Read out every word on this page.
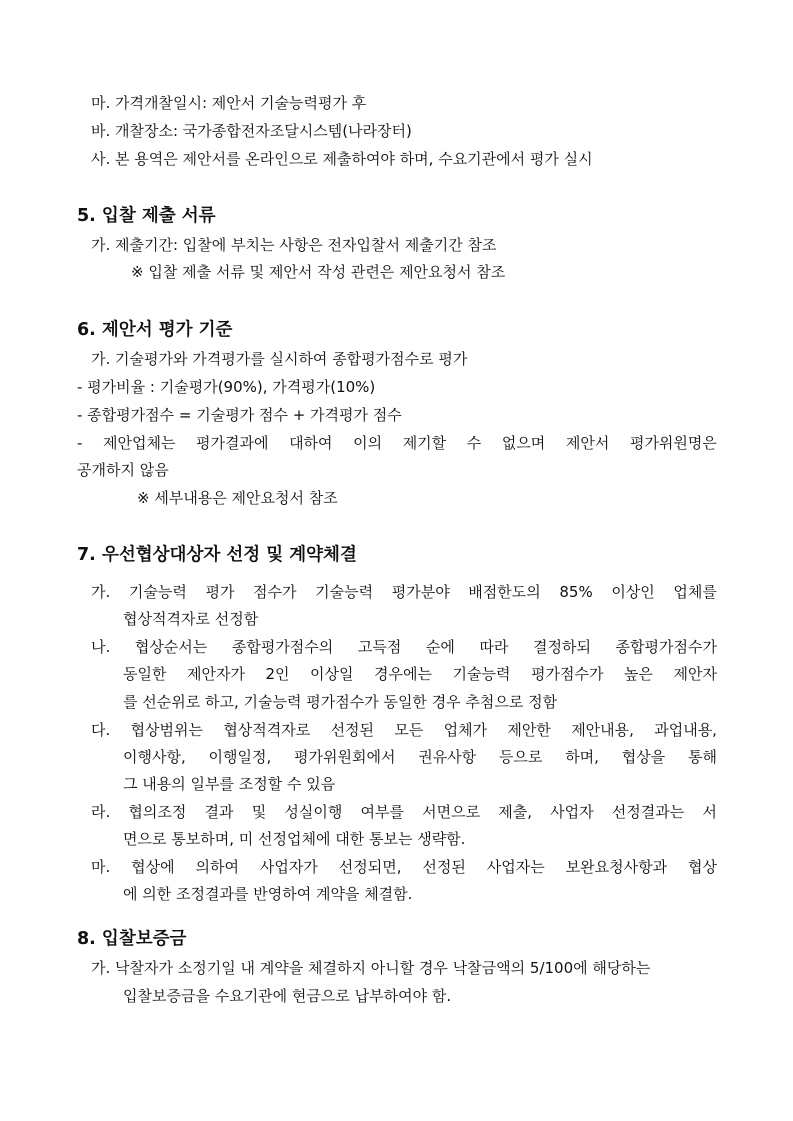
마. 가격개찰일시: 제안서 기술능력평가 후
바. 개찰장소: 국가종합전자조달시스템(나라장터)
사. 본 용역은 제안서를 온라인으로 제출하여야 하며, 수요기관에서 평가 실시
5. 입찰 제출 서류
가. 제출기간: 입찰에 부치는 사항은 전자입찰서 제출기간 참조
※ 입찰 제출 서류 및 제안서 작성 관련은 제안요청서 참조
6. 제안서 평가 기준
가. 기술평가와 가격평가를 실시하여 종합평가점수로 평가
- 평가비율 : 기술평가(90%), 가격평가(10%)
- 종합평가점수 = 기술평가 점수 + 가격평가 점수
- 제안업체는 평가결과에 대하여 이의 제기할 수 없으며 제안서 평가위원명은
공개하지 않음
※ 세부내용은 제안요청서 참조
7. 우선협상대상자 선정 및 계약체결
가. 기술능력 평가 점수가 기술능력 평가분야 배점한도의 85% 이상인 업체를
협상적격자로 선정함
나. 협상순서는 종합평가점수의 고득점 순에 따라 결정하되 종합평가점수가
동일한 제안자가 2인 이상일 경우에는 기술능력 평가점수가 높은 제안자
를 선순위로 하고, 기술능력 평가점수가 동일한 경우 추첨으로 정함
다. 협상범위는 협상적격자로 선정된 모든 업체가 제안한 제안내용, 과업내용,
이행사항, 이행일정, 평가위원회에서 권유사항 등으로 하며, 협상을 통해
그 내용의 일부를 조정할 수 있음
라. 협의조정 결과 및 성실이행 여부를 서면으로 제출, 사업자 선정결과는 서
면으로 통보하며, 미 선정업체에 대한 통보는 생략함.
마. 협상에 의하여 사업자가 선정되면, 선정된 사업자는 보완요청사항과 협상
에 의한 조정결과를 반영하여 계약을 체결함.
8. 입찰보증금
가. 낙찰자가 소정기일 내 계약을 체결하지 아니할 경우 낙찰금액의 5/100에 해당하는
입찰보증금을 수요기관에 현금으로 납부하여야 함.
